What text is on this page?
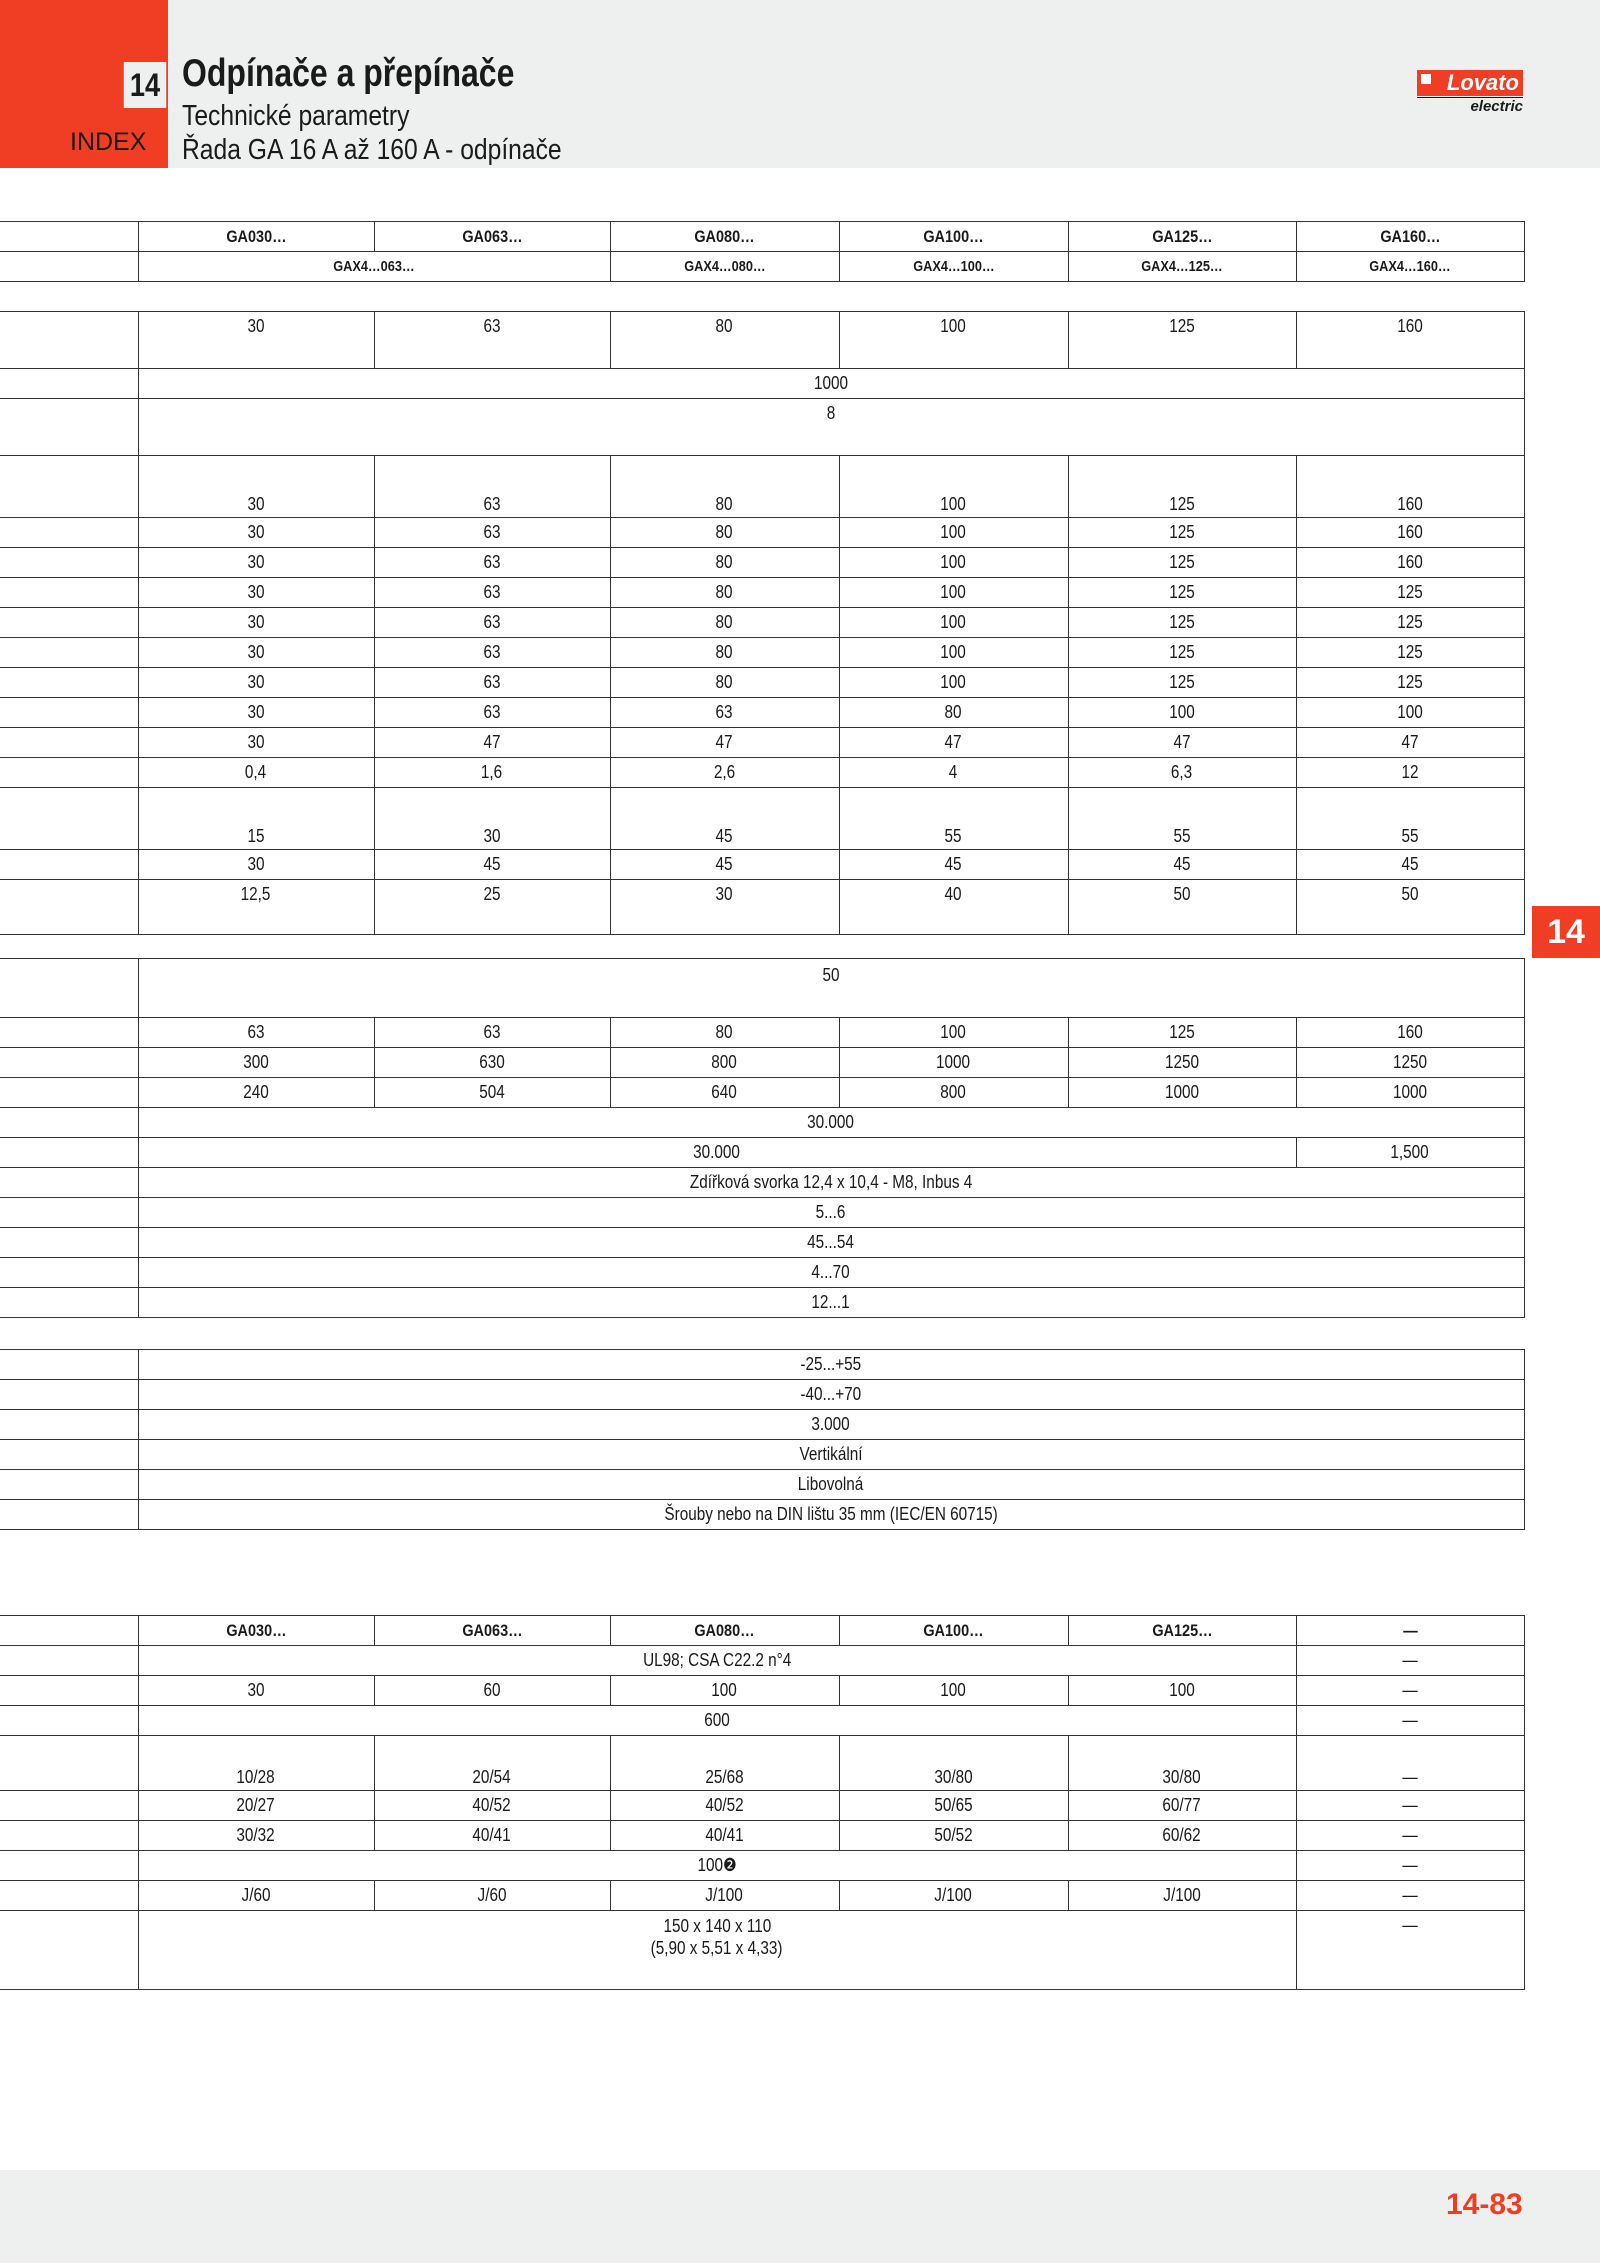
14
INDEX
Odpínače a přepínače
Technické parametry
Řada GA 16 A až 160 A - odpínače
Lovato
electric
14
	GA030…	GA063…	GA080…	GA100…	GA125…	GA160…
	GAX4…063…		GAX4…080…	GAX4…100…	GAX4…125…	GAX4…160…
	30	63	80	100	125	160
	1000					
	8					
	30	63	80	100	125	160
	30	63	80	100	125	160
	30	63	80	100	125	160
	30	63	80	100	125	125
	30	63	80	100	125	125
	30	63	80	100	125	125
	30	63	80	100	125	125
	30	63	63	80	100	100
	30	47	47	47	47	47
	0,4	1,6	2,6	4	6,3	12
	15	30	45	55	55	55
	30	45	45	45	45	45
	12,5	25	30	40	50	50
	50					
	63	63	80	100	125	160
	300	630	800	1000	1250	1250
	240	504	640	800	1000	1000
	30.000					
	30.000					1,500
	Zdířková svorka 12,4 x 10,4 - M8, Inbus 4					
	5...6					
	45...54					
	4...70					
	12...1					
	-25...+55
	-40...+70
	3.000
	Vertikální
	Libovolná
	Šrouby nebo na DIN lištu 35 mm (IEC/EN 60715)
	GA030…	GA063…	GA080…	GA100…	GA125…	—
	UL98; CSA C22.2 n°4					—
	30	60	100	100	100	—
	600					—
	10/28	20/54	25/68	30/80	30/80	—
	20/27	40/52	40/52	50/65	60/77	—
	30/32	40/41	40/41	50/52	60/62	—
	100❷					—
	J/60	J/60	J/100	J/100	J/100	—
	150 x 140 x 110
(5,90 x 5,51 x 4,33)					—
14-83
